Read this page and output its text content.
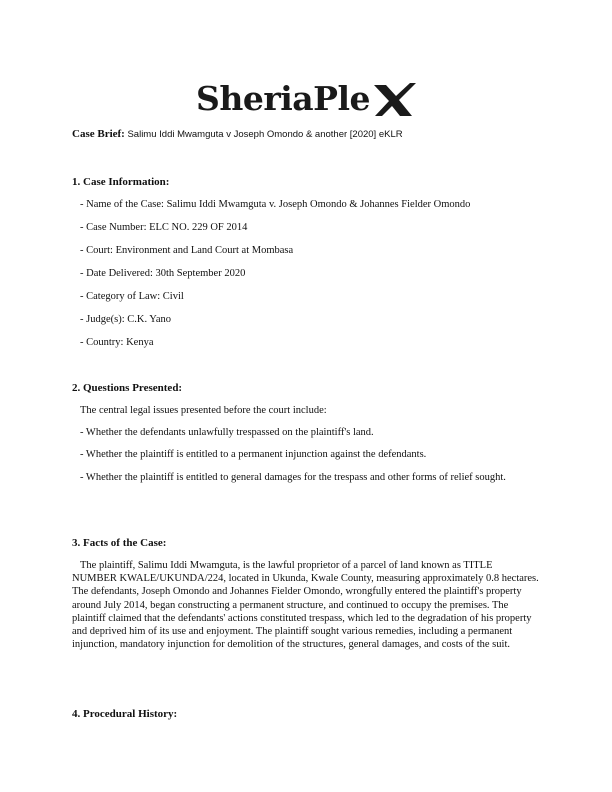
SheriaPle
Case Brief: Salimu Iddi Mwamguta v Joseph Omondo & another [2020] eKLR

1. Case Information:

- Name of the Case: Salimu Iddi Mwamguta v. Joseph Omondo & Johannes Fielder Omondo

- Case Number: ELC NO. 229 OF 2014

- Court: Environment and Land Court at Mombasa

- Date Delivered: 30th September 2020

- Category of Law: Civil

- Judge(s): C.K. Yano

- Country: Kenya

2. Questions Presented:

The central legal issues presented before the court include:

- Whether the defendants unlawfully trespassed on the plaintiff's land.

- Whether the plaintiff is entitled to a permanent injunction against the defendants.

- Whether the plaintiff is entitled to general damages for the trespass and other forms of relief sought.

3. Facts of the Case:

The plaintiff, Salimu Iddi Mwamguta, is the lawful proprietor of a parcel of land known as TITLE NUMBER KWALE/UKUNDA/224, located in Ukunda, Kwale County, measuring approximately 0.8 hectares. The defendants, Joseph Omondo and Johannes Fielder Omondo, wrongfully entered the plaintiff's property around July 2014, began constructing a permanent structure, and continued to occupy the premises. The plaintiff claimed that the defendants' actions constituted trespass, which led to the degradation of his property and deprived him of its use and enjoyment. The plaintiff sought various remedies, including a permanent injunction, mandatory injunction for demolition of the structures, general damages, and costs of the suit.

4. Procedural History:
